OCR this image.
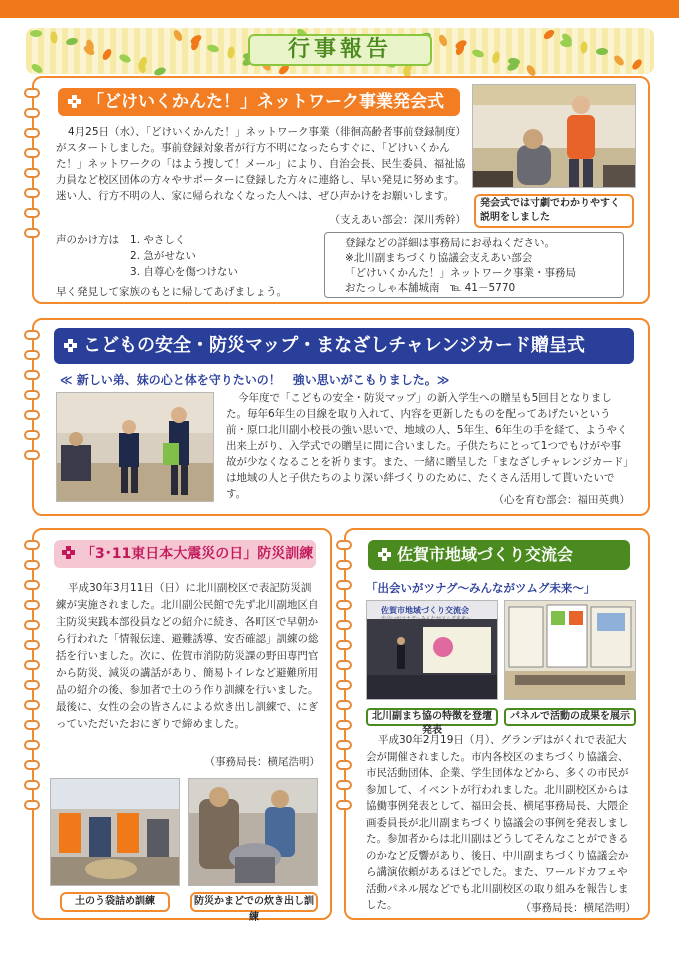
行事報告
「どけいくかんた！」ネットワーク事業発会式
4月25日（水）、「どけいくかんた！」ネットワーク事業（徘徊高齢者事前登録制度）がスタートしました。事前登録対象者が行方不明になったらすぐに、「どけいくかんた！」ネットワークの「はよう捜して！メール」により、自治会長、民生委員、福祉協力員など校区団体の方々やサポーターに登録した方々に連絡し、早い発見に努めます。迷い人、行方不明の人、家に帰られなくなった人へは、ぜひ声かけをお願いします。
（支えあい部会：深川秀幹）
声のかけ方は	1. やさしく
2. 急がせない
3. 自尊心を傷つけない
早く発見して家族のもとに帰してあげましょう。
登録などの詳細は事務局にお尋ねください。
※北川副まちづくり協議会支えあい部会
「どけいくかんた！」ネットワーク事業・事務局
おたっしゃ本舗城南　℡ 41－5770
発会式では寸劇でわかりやすく説明をしました
こどもの安全・防災マップ・まなざしチャレンジカード贈呈式
≪ 新しい弟、妹の心と体を守りたいの！　強い思いがこもりました。≫
今年度で「こどもの安全・防災マップ」の新入学生への贈呈も5回目となりました。毎年6年生の目線を取り入れて、内容を更新したものを配ってあげたいという前・原口北川副小校長の強い思いで、地域の人、5年生、6年生の手を経て、ようやく出来上がり、入学式での贈呈に間に合いました。子供たちにとって1つでもけがや事故が少なくなることを祈ります。また、一緒に贈呈した「まなざしチャレンジカード」は地域の人と子供たちのより深い絆づくりのために、たくさん活用して貰いたいです。	（心を育む部会：福田英典）
「3･11東日本大震災の日」防災訓練
平成30年3月11日（日）に北川副校区で表記防災訓練が実施されました。北川副公民館で先ず北川副地区自主防災実践本部役員などの紹介に続き、各町区で早朝から行われた「情報伝達、避難誘導、安否確認」訓練の総括を行いました。次に、佐賀市消防防災課の野田専門官から防災、減災の講話があり、簡易トイレなど避難所用品の紹介の後、参加者で土のう作り訓練を行いました。最後に、女性の会の皆さんによる炊き出し訓練で、にぎっていただいたおにぎりで締めました。
（事務局長：横尾浩明）
土のう袋詰め訓練	防災かまどでの炊き出し訓練
佐賀市地域づくり交流会
「出会いがツナグ～みんながツムグ未来～」
佐賀市地域づくり交流会
出会いがツナグ～みんながツムグ未来～
北川副まち協の特徴を登壇発表
パネルで活動の成果を展示
平成30年2月19日（月）、グランデはがくれで表記大会が開催されました。市内各校区のまちづくり協議会、市民活動団体、企業、学生団体などから、多くの市民が参加して、イベントが行われました。北川副校区からは協働事例発表として、福田会長、横尾事務局長、大隈企画委員長が北川副まちづくり協議会の事例を発表しました。参加者からは北川副はどうしてそんなことができるのかなど反響があり、後日、中川副まちづくり協議会から講演依頼があるほどでした。また、ワールドカフェや活動パネル展などでも北川副校区の取り組みを報告しました。	（事務局長：横尾浩明）
